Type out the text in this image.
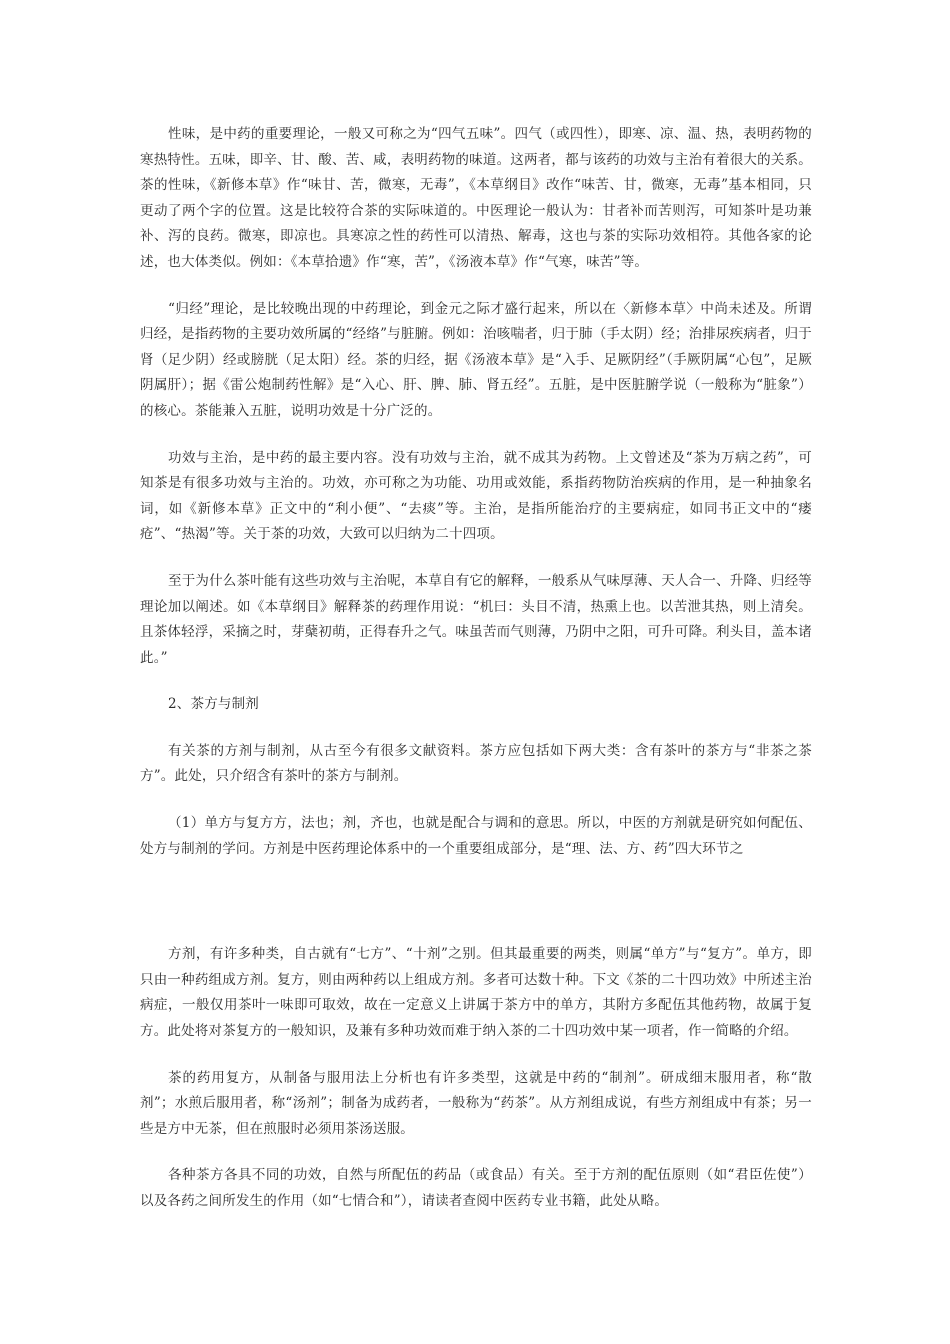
性味，是中药的重要理论，一般又可称之为“四气五味”。四气（或四性），即寒、凉、温、热，表明药物的寒热特性。五味，即辛、甘、酸、苦、咸，表明药物的味道。这两者，都与该药的功效与主治有着很大的关系。茶的性味，《新修本草》作“味甘、苦，微寒，无毒”，《本草纲目》改作“味苦、甘，微寒，无毒”基本相同，只更动了两个字的位置。这是比较符合茶的实际味道的。中医理论一般认为：甘者补而苦则泻，可知茶叶是功兼补、泻的良药。微寒，即凉也。具寒凉之性的药性可以清热、解毒，这也与茶的实际功效相符。其他各家的论述，也大体类似。例如：《本草拾遗》作“寒，苦”，《汤液本草》作“气寒，味苦”等。

“归经”理论，是比较晚出现的中药理论，到金元之际才盛行起来，所以在〈新修本草〉中尚未述及。所谓归经，是指药物的主要功效所属的“经络”与脏腑。例如：治咳喘者，归于肺（手太阴）经；治排尿疾病者，归于肾（足少阴）经或膀胱（足太阳）经。茶的归经，据《汤液本草》是“入手、足厥阴经”（手厥阴属“心包”，足厥阴属肝）；据《雷公炮制药性解》是“入心、肝、脾、肺、肾五经”。五脏，是中医脏腑学说（一般称为“脏象”）的核心。茶能兼入五脏，说明功效是十分广泛的。

功效与主治，是中药的最主要内容。没有功效与主治，就不成其为药物。上文曾述及“茶为万病之药”，可知茶是有很多功效与主治的。功效，亦可称之为功能、功用或效能，系指药物防治疾病的作用，是一种抽象名词，如《新修本草》正文中的“利小便”、“去痰”等。主治，是指所能治疗的主要病症，如同书正文中的“瘘疮”、“热渴”等。关于茶的功效，大致可以归纳为二十四项。

至于为什么茶叶能有这些功效与主治呢，本草自有它的解释，一般系从气味厚薄、天人合一、升降、归经等理论加以阐述。如《本草纲目》解释茶的药理作用说：“机曰：头目不清，热熏上也。以苦泄其热，则上清矣。且茶体轻浮，采摘之时，芽蘖初萌，正得春升之气。味虽苦而气则薄，乃阴中之阳，可升可降。利头目，盖本诸此。”

2、茶方与制剂

有关茶的方剂与制剂，从古至今有很多文献资料。茶方应包括如下两大类：含有茶叶的茶方与“非茶之茶方”。此处，只介绍含有茶叶的茶方与制剂。

（1）单方与复方方，法也；剂，齐也，也就是配合与调和的意思。所以，中医的方剂就是研究如何配伍、处方与制剂的学问。方剂是中医药理论体系中的一个重要组成部分，是“理、法、方、药”四大环节之

方剂，有许多种类，自古就有“七方”、“十剂”之别。但其最重要的两类，则属“单方”与“复方”。单方，即只由一种药组成方剂。复方，则由两种药以上组成方剂。多者可达数十种。下文《茶的二十四功效》中所述主治病症，一般仅用茶叶一味即可取效，故在一定意义上讲属于茶方中的单方，其附方多配伍其他药物，故属于复方。此处将对茶复方的一般知识，及兼有多种功效而难于纳入茶的二十四功效中某一项者，作一简略的介绍。

茶的药用复方，从制备与服用法上分析也有许多类型，这就是中药的“制剂”。研成细末服用者，称“散剂”；水煎后服用者，称“汤剂”；制备为成药者，一般称为“药茶”。从方剂组成说，有些方剂组成中有茶；另一些是方中无茶，但在煎服时必须用茶汤送服。

各种茶方各具不同的功效，自然与所配伍的药品（或食品）有关。至于方剂的配伍原则（如“君臣佐使”）以及各药之间所发生的作用（如“七情合和”），请读者查阅中医药专业书籍，此处从略。
